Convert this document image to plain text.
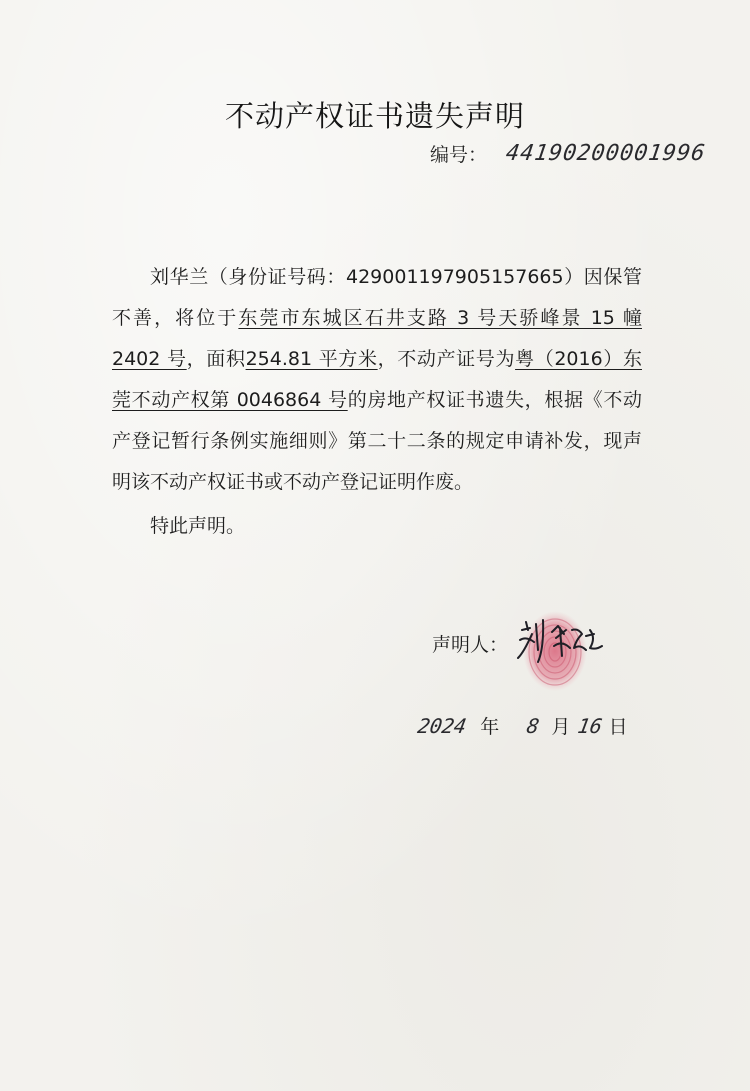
不动产权证书遗失声明
编号： 44190200001996

刘华兰（身份证号码：429001197905157665）因保管不善，将位于东莞市东城区石井支路 3 号天骄峰景 15 幢 2402 号，面积254.81 平方米，不动产证号为粤（2016）东莞不动产权第 0046864 号的房地产权证书遗失，根据《不动产登记暂行条例实施细则》第二十二条的规定申请补发，现声明该不动产权证书或不动产登记证明作废。

特此声明。
声明人：
2024 年 8 月 16 日
